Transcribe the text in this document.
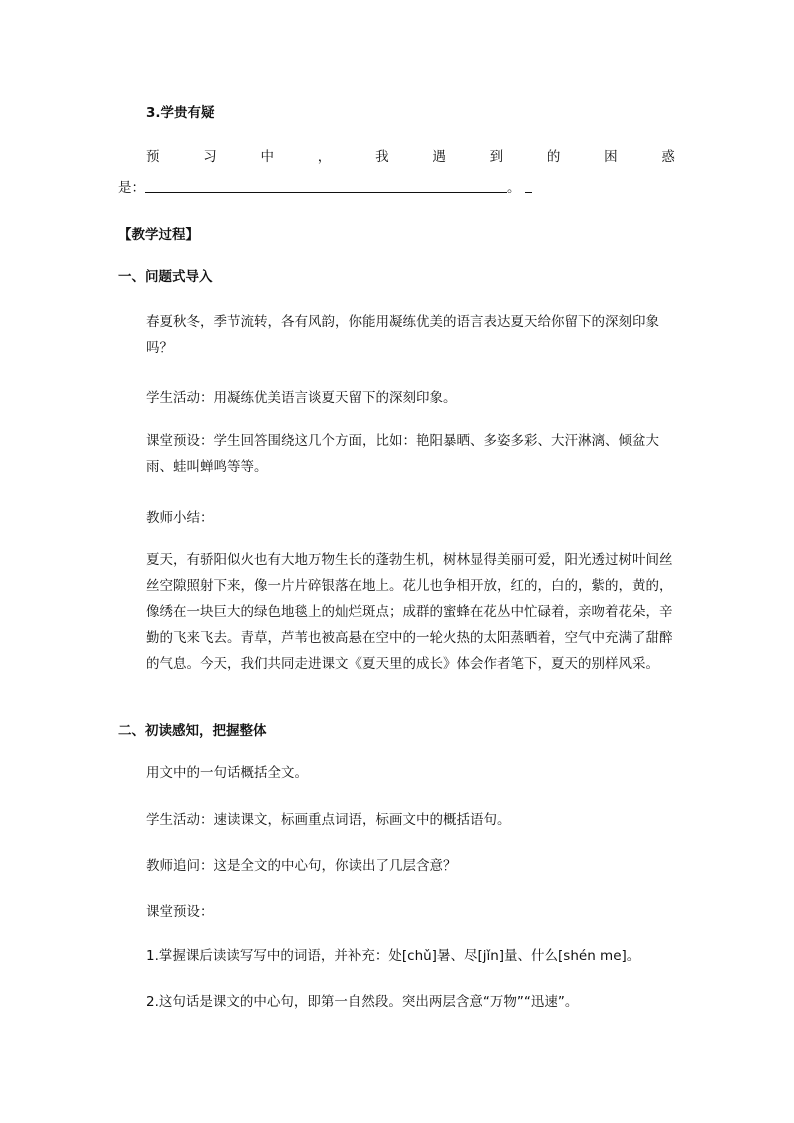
3.学贵有疑

预	习	中	，	我	遇	到	的	困	惑
是：	。

【教学过程】

一、问题式导入

春夏秋冬，季节流转，各有风韵，你能用凝练优美的语言表达夏天给你留下的深刻印象吗？

学生活动：用凝练优美语言谈夏天留下的深刻印象。

课堂预设：学生回答围绕这几个方面，比如：艳阳暴晒、多姿多彩、大汗淋漓、倾盆大雨、蛙叫蝉鸣等等。

教师小结：

夏天，有骄阳似火也有大地万物生长的蓬勃生机，树林显得美丽可爱，阳光透过树叶间丝丝空隙照射下来，像一片片碎银落在地上。花儿也争相开放，红的，白的，紫的，黄的，像绣在一块巨大的绿色地毯上的灿烂斑点；成群的蜜蜂在花丛中忙碌着，亲吻着花朵，辛勤的飞来飞去。青草，芦苇也被高悬在空中的一轮火热的太阳蒸晒着，空气中充满了甜醉的气息。今天，我们共同走进课文《夏天里的成长》体会作者笔下，夏天的别样风采。

二、初读感知，把握整体

用文中的一句话概括全文。

学生活动：速读课文，标画重点词语，标画文中的概括语句。

教师追问：这是全文的中心句，你读出了几层含意？

课堂预设：

1.掌握课后读读写写中的词语，并补充：处[chǔ]暑、尽[jǐn]量、什么[shén me]。

2.这句话是课文的中心句，即第一自然段。突出两层含意“万物”“迅速”。
